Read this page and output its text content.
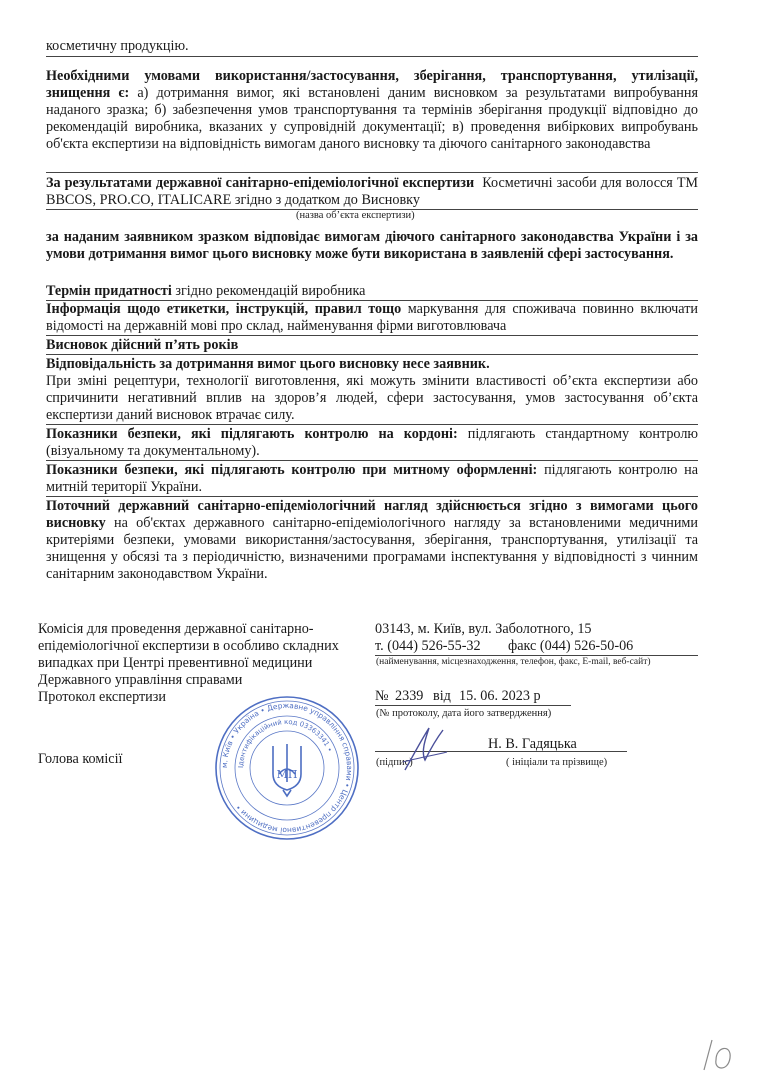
косметичну продукцію.
Необхідними умовами використання/застосування, зберігання, транспортування, утилізації, знищення є: а) дотримання вимог, які встановлені даним висновком за результатами випробування наданого зразка; б) забезпечення умов транспортування та термінів зберігання продукції відповідно до рекомендацій виробника, вказаних у супровідній документації; в) проведення вибіркових випробувань об'єкта експертизи на відповідність вимогам даного висновку та діючого санітарного законодавства
За результатами державної санітарно-епідеміологічної експертизи Косметичні засоби для волосся ТМ BBCOS, PRO.CO, ITALICARE згідно з додатком до Висновку
(назва об’єкта експертизи)
за наданим заявником зразком відповідає вимогам діючого санітарного законодавства України і за умови дотримання вимог цього висновку може бути використана в заявленій сфері застосування.
Термін придатності згідно рекомендацій виробника
Інформація щодо етикетки, інструкцій, правил тощо маркування для споживача повинно включати відомості на державній мові про склад, найменування фірми виготовлювача
Висновок дійсний п’ять років
Відповідальність за дотримання вимог цього висновку несе заявник.
При зміні рецептури, технології виготовлення, які можуть змінити властивості об’єкта експертизи або спричинити негативний вплив на здоров’я людей, сфери застосування, умов застосування об’єкта експертизи даний висновок втрачає силу.
Показники безпеки, які підлягають контролю на кордоні: підлягають стандартному контролю (візуальному та документальному).
Показники безпеки, які підлягають контролю при митному оформленні: підлягають контролю на митній території України.
Поточний державний санітарно-епідеміологічний нагляд здійснюється згідно з вимогами цього висновку на об'єктах державного санітарно-епідеміологічного нагляду за встановленими медичними критеріями безпеки, умовами використання/застосування, зберігання, транспортування, утилізації та знищення у обсязі та з періодичністю, визначеними програмами інспектування у відповідності з чинним санітарним законодавством України.
Комісія для проведення державної санітарно-
епідеміологічної експертизи в особливо складних
випадках при Центрі превентивної медицини
Державного управління справами
Протокол експертизи
Голова комісії
03143, м. Київ, вул. Заболотного, 15
т. (044) 526-55-32 факс (044) 526-50-06
(найменування, місцезнаходження, телефон, факс, E-mail, веб-сайт)
№ 2339 від 15. 06. 2023 р
(№ протоколу, дата його затвердження)
Н. В. Гадяцька
(підпис)	( ініціали та прізвище)
м. Київ • Україна • Державне управління справами • Центр превентивної медицини •
Ідентифікаційний код 03363341 •
МП
